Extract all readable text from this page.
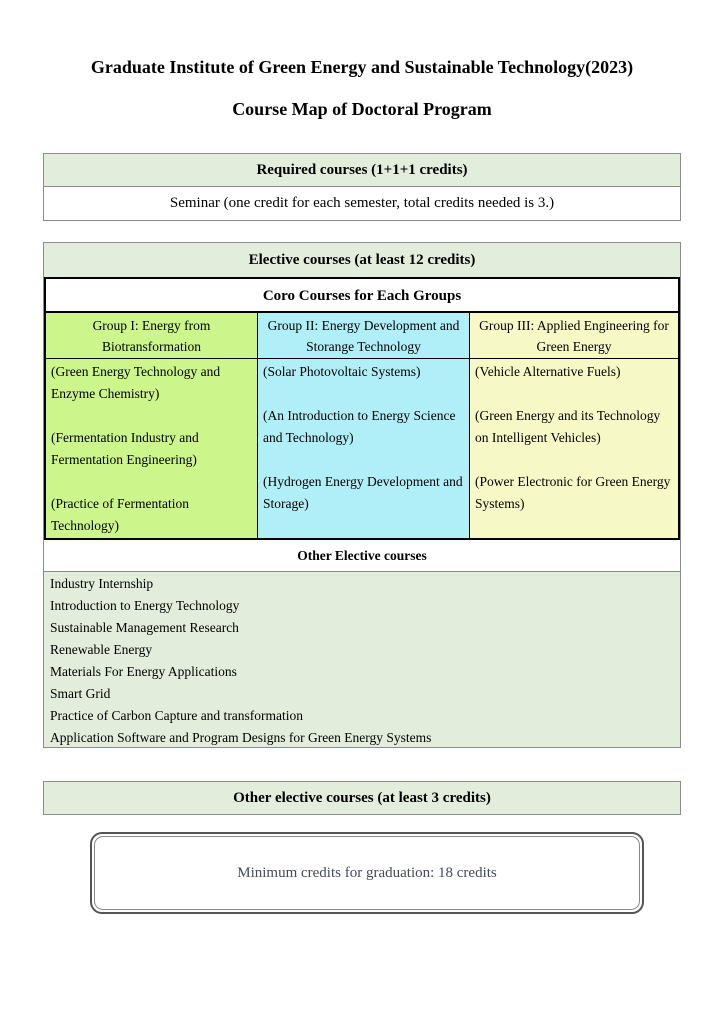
Graduate Institute of Green Energy and Sustainable Technology(2023)
Course Map of Doctoral Program
Required courses (1+1+1 credits)
Seminar (one credit for each semester, total credits needed is 3.)
Elective courses (at least 12 credits)
Coro Courses for Each Groups
Group I: Energy from Biotransformation
(Green Energy Technology and Enzyme Chemistry)
(Fermentation Industry and Fermentation Engineering)
(Practice of Fermentation Technology)
Group II: Energy Development and Storange Technology
(Solar Photovoltaic Systems)
(An Introduction to Energy Science and Technology)
(Hydrogen Energy Development and Storage)
Group III: Applied Engineering for Green Energy
(Vehicle Alternative Fuels)
(Green Energy and its Technology on Intelligent Vehicles)
(Power Electronic for Green Energy Systems)
Other Elective courses
Industry Internship
Introduction to Energy Technology
Sustainable Management Research
Renewable Energy
Materials For Energy Applications
Smart Grid
Practice of Carbon Capture and transformation
Application Software and Program Designs for Green Energy Systems
Other elective courses (at least 3 credits)
Minimum credits for graduation: 18 credits
